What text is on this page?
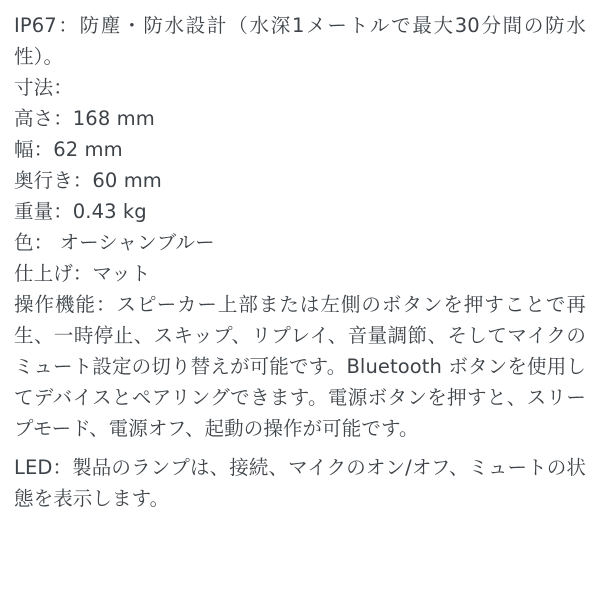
IP67：防塵・防水設計（水深1メートルで最大30分間の防水性）。
寸法：
高さ：168 mm
幅：62 mm
奥行き：60 mm
重量：0.43 kg
色： オーシャンブルー
仕上げ：マット

操作機能：スピーカー上部または左側のボタンを押すことで再生、一時停止、スキップ、リプレイ、音量調節、そしてマイクのミュート設定の切り替えが可能です。Bluetooth ボタンを使用してデバイスとペアリングできます。電源ボタンを押すと、スリープモード、電源オフ、起動の操作が可能です。

LED：製品のランプは、接続、マイクのオン/オフ、ミュートの状態を表示します。
